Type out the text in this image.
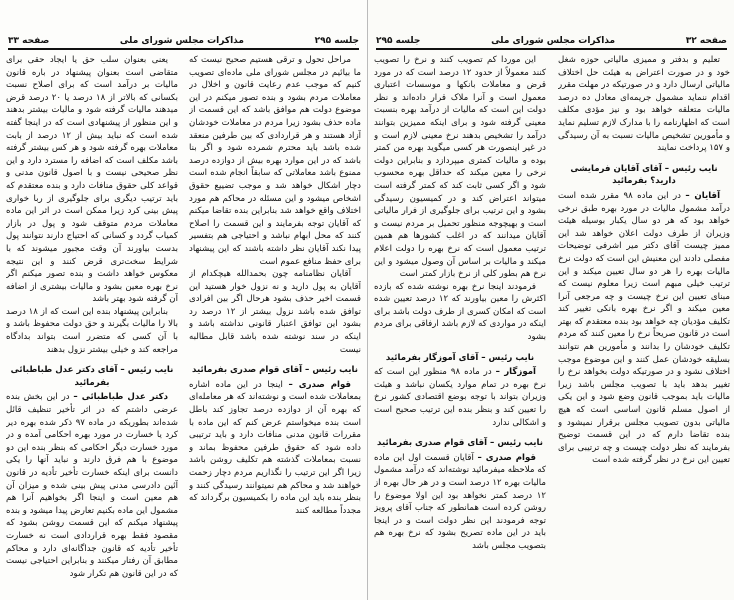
جلسه ۲۹۵
مذاکرات مجلس شورای ملی
صفحه ۳۳

مراحل تحول و ترقی هستیم صحیح نیست که ما بیائیم در مجلس شورای ملی ماده‌ای تصویب کنیم که موجب عدم رعایت قانون و اخلال در معاملات مردم بشود و بنده تصور میکنم در این موضوع دولت هم موافق باشد که این قسمت از ماده حذف بشود زیرا مردم در معاملات خودشان آزاد هستند و هر قراردادی که بین طرفین منعقد شده باشد باید محترم شمرده شود و اگر بنا باشد که در این موارد بهره بیش از دوازده درصد ممنوع باشد معاملاتی که سابقاً انجام شده است دچار اشکال خواهد شد و موجب تضییع حقوق اشخاص میشود و این مسئله در محاکم هم مورد اختلاف واقع خواهد شد بنابراین بنده تقاضا میکنم که آقایان توجه بفرمایند و این قسمت را اصلاح کنند که محل ابهام نباشد و احتیاجی هم بتفسیر پیدا نکند آقایان نظر داشته باشند که این پیشنهاد برای حفظ منافع عموم است

آقایان نظامنامه چون بحمدالله هیچکدام از آقایان به پول دارید و نه نزول خوار هستید این قسمت اخیر حذف بشود هرحال اگر بین افرادی توافق شده باشد نزول بیشتر از ۱۲ درصد رد بشود این توافق اعتبار قانونی نداشته باشد و اینکه در سند نوشته شده باشد قابل مطالبه نیست

نایب رئیس – آقای قوام صدری بفرمائید

قوام صدری – اینجا در این ماده اشاره بمعاملات شده است و نوشته‌اند که هر معامله‌ای که بهره آن از دوازده درصد تجاوز کند باطل است بنده میخواستم عرض کنم که این ماده با مقررات قانون مدنی منافات دارد و باید ترتیبی داده شود که حقوق طرفین محفوظ بماند و نسبت بمعاملات گذشته هم تکلیف روشن باشد زیرا اگر این ترتیب را نگذاریم مردم دچار زحمت خواهند شد و محاکم هم نمیتوانند رسیدگی کنند و بنظر بنده باید این ماده را بکمیسیون برگرداند که مجدداً مطالعه کنند

یعنی بعنوان سلب حق یا ایجاد حقی برای متقاضی است بعنوان پیشنهاد در باره قانون مالیات بر درآمد است که برای اصلاح نسبت بکسانی که بالاتر از ۱۸ درصد یا ۲۰ درصد قرض میدهند مالیات گرفته شود و مالیات بیشتر بدهند و این منظور از پیشنهادی است که در اینجا گفته شده است که نباید بیش از ۱۲ درصد از بابت معاملات بهره گرفته شود و هر کس بیشتر گرفته باشد مکلف است که اضافه را مسترد دارد و این نظر صحیحی نیست و با اصول قانون مدنی و قواعد کلی حقوق منافات دارد و بنده معتقدم که باید ترتیب دیگری برای جلوگیری از ربا خواری پیش بینی کرد زیرا ممکن است در اثر این ماده معاملات مردم متوقف شود و پول در بازار کمیاب گردد و کسانی که احتیاج دارند نتوانند پول بدست بیاورند آن وقت مجبور میشوند که با شرایط سخت‌تری قرض کنند و این نتیجه معکوس خواهد داشت و بنده تصور میکنم اگر نرخ بهره معین بشود و مالیات بیشتری از اضافه آن گرفته شود بهتر باشد

بنابراین پیشنهاد بنده این است که از ۱۸ درصد بالا را مالیات بگیرند و حق دولت محفوظ باشد و با آن کسی که متضرر است بتواند بدادگاه مراجعه کند و خیلی بیشتر نزول بدهند

نایب رئیس – آقای دکتر عدل طباطبائی بفرمائید

دکتر عدل طباطبائی – در این بخش بنده عرضی داشتم که در اثر تأخیر تنظیف قائل شده‌اند بطوریکه در ماده ۹۷ ذکر شده بهره دیر کرد یا خسارت در مورد بهره احکامی آمده و در مورد خسارت دیگر احکامی که بنظر بنده این دو موضوع با هم فرق دارند و نباید آنها را یکی دانست برای اینکه خسارت تأخیر تأدیه در قانون آئین دادرسی مدنی پیش بینی شده و میزان آن هم معین است و اینجا اگر بخواهیم آنرا هم مشمول این ماده بکنیم تعارض پیدا میشود و بنده پیشنهاد میکنم که این قسمت روشن بشود که مقصود فقط بهره قراردادی است نه خسارت تأخیر تأدیه که قانون جداگانه‌ای دارد و محاکم مطابق آن رفتار میکنند و بنابراین احتیاجی نیست که در این قانون هم تکرار شود

صفحه ۳۲
مذاکرات مجلس شورای ملی
جلسه ۲۹۵

تعلیم و بدفتر و ممیزی مالیاتی حوزه شغل خود و در صورت اعتراض به هیئت حل اختلاف مالیاتی ارسال دارد و در صورتیکه در مهلت مقرر اقدام ننماید مشمول جریمه‌ای معادل ده درصد مالیات متعلقه خواهد بود و نیز مؤدی مکلف است که اظهارنامه را با مدارک لازم تسلیم نماید و مأمورین تشخیص مالیات نسبت به آن رسیدگی و ۱۵۷ پرداخت نمایند

نایب رئیس – آقای آقایان فرمایشی دارید؟ بفرمائید

آقایان – در این ماده ۹۸ مقرر شده است درآمد مشمول مالیات در مورد بهره طبق نرخی خواهد بود که هر دو سال یکبار بوسیله هیئت وزیران از طرف دولت اعلان خواهد شد این ممیز چیست آقای دکتر میر اشرفی توضیحات مفصلی دادند این معنیش این است که دولت نرخ مالیات بهره را هر دو سال تعیین میکند و این ترتیب خیلی مبهم است زیرا معلوم نیست که مبنای تعیین این نرخ چیست و چه مرجعی آنرا معین میکند و اگر نرخ بهره بانکی تغییر کند تکلیف مؤدیان چه خواهد بود بنده معتقدم که بهتر است در قانون صریحاً نرخ را معین کنند که مردم تکلیف خودشان را بدانند و مأمورین هم نتوانند بسلیقه خودشان عمل کنند و این موضوع موجب اختلاف نشود و در صورتیکه دولت بخواهد نرخ را تغییر بدهد باید با تصویب مجلس باشد زیرا مالیات باید بموجب قانون وضع شود و این یکی از اصول مسلم قانون اساسی است که هیچ مالیاتی بدون تصویب مجلس برقرار نمیشود و بنده تقاضا دارم که در این قسمت توضیح بفرمایند که نظر دولت چیست و چه ترتیبی برای تعیین این نرخ در نظر گرفته شده است

این موردا کم تصویب کنند و نرخ را تصویب کنند معمولاً از حدود ۱۲ درصد است که در مورد قرض و معاملات بانکها و موسسات اعتباری معمول است و آنرا ملاک قرار داده‌اند و نظر دولت این است که مالیات از درآمد بهره بنسبت معینی گرفته شود و برای اینکه ممیزین بتوانند درآمد را تشخیص بدهند نرخ معینی لازم است و در غیر اینصورت هر کسی میگوید بهره من کمتر بوده و مالیات کمتری میپردازد و بنابراین دولت نرخی را معین میکند که حداقل بهره محسوب شود و اگر کسی ثابت کند که کمتر گرفته است میتواند اعتراض کند و در کمیسیون رسیدگی بشود و این ترتیب برای جلوگیری از فرار مالیاتی است و بهیچوجه منظور تحمیل بر مردم نیست و آقایان میدانند که در اغلب کشورها هم همین ترتیب معمول است که نرخ بهره را دولت اعلام میکند و مالیات بر اساس آن وصول میشود و این نرخ هم بطور کلی از نرخ بازار کمتر است

فرمودند اینجا نرخ بهره نوشته شده که بازده اکثرش را معین بیاورند که ۱۲ درصد تعیین شده است که امکان کسری از طرف دولت باشد برای اینکه در مواردی که لازم باشد ارفاقی برای مردم بشود

نایب رئیس – آقای آموزگار بفرمائید

آموزگار – در ماده ۹۸ منظور این است که نرخ بهره در تمام موارد یکسان نباشد و هیئت وزیران بتواند با توجه بوضع اقتصادی کشور نرخ را تعیین کند و بنظر بنده این ترتیب صحیح است و اشکالی ندارد

نایب رئیس – آقای قوام صدری بفرمائید

قوام صدری – آقایان قسمت اول این ماده که ملاحظه میفرمائید نوشته‌اند که درآمد مشمول مالیات بهره ۱۲ درصد است و در هر حال بهره از ۱۲ درصد کمتر نخواهد بود این اولا موضوع را روشن کرده است همانطور که جناب آقای پرویز توجه فرمودند این نظر دولت است و در اینجا باید در این ماده تصریح بشود که نرخ بهره هم بتصویب مجلس باشد
